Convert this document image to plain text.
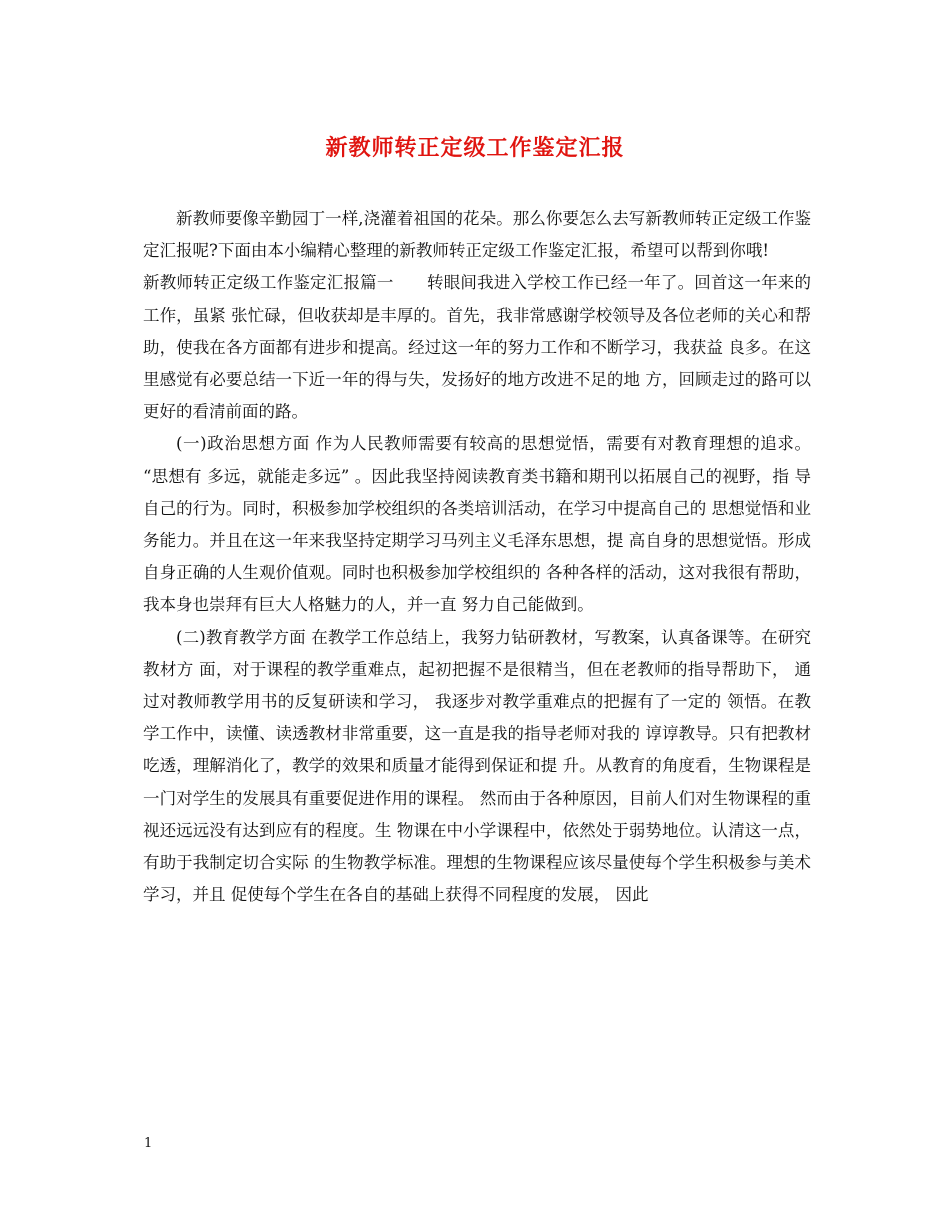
新教师转正定级工作鉴定汇报

新教师要像辛勤园丁一样,浇灌着祖国的花朵。那么你要怎么去写新教师转正定级工作鉴定汇报呢?下面由本小编精心整理的新教师转正定级工作鉴定汇报，希望可以帮到你哦!

新教师转正定级工作鉴定汇报篇一　　转眼间我进入学校工作已经一年了。回首这一年来的工作，虽紧 张忙碌，但收获却是丰厚的。首先，我非常感谢学校领导及各位老师的关心和帮 助，使我在各方面都有进步和提高。经过这一年的努力工作和不断学习，我获益 良多。在这里感觉有必要总结一下近一年的得与失，发扬好的地方改进不足的地 方，回顾走过的路可以更好的看清前面的路。

(一)政治思想方面 作为人民教师需要有较高的思想觉悟，需要有对教育理想的追求。 “思想有 多远，就能走多远” 。因此我坚持阅读教育类书籍和期刊以拓展自己的视野，指 导自己的行为。同时，积极参加学校组织的各类培训活动，在学习中提高自己的 思想觉悟和业务能力。并且在这一年来我坚持定期学习马列主义毛泽东思想，提 高自身的思想觉悟。形成自身正确的人生观价值观。同时也积极参加学校组织的 各种各样的活动，这对我很有帮助，我本身也崇拜有巨大人格魅力的人，并一直 努力自己能做到。

(二)教育教学方面 在教学工作总结上，我努力钻研教材，写教案，认真备课等。在研究教材方 面，对于课程的教学重难点，起初把握不是很精当，但在老教师的指导帮助下， 通过对教师教学用书的反复研读和学习， 我逐步对教学重难点的把握有了一定的 领悟。在教学工作中，读懂、读透教材非常重要，这一直是我的指导老师对我的 谆谆教导。只有把教材吃透，理解消化了，教学的效果和质量才能得到保证和提 升。从教育的角度看，生物课程是一门对学生的发展具有重要促进作用的课程。 然而由于各种原因，目前人们对生物课程的重视还远远没有达到应有的程度。生 物课在中小学课程中，依然处于弱势地位。认清这一点，有助于我制定切合实际 的生物教学标准。理想的生物课程应该尽量使每个学生积极参与美术学习，并且 促使每个学生在各自的基础上获得不同程度的发展， 因此

1
